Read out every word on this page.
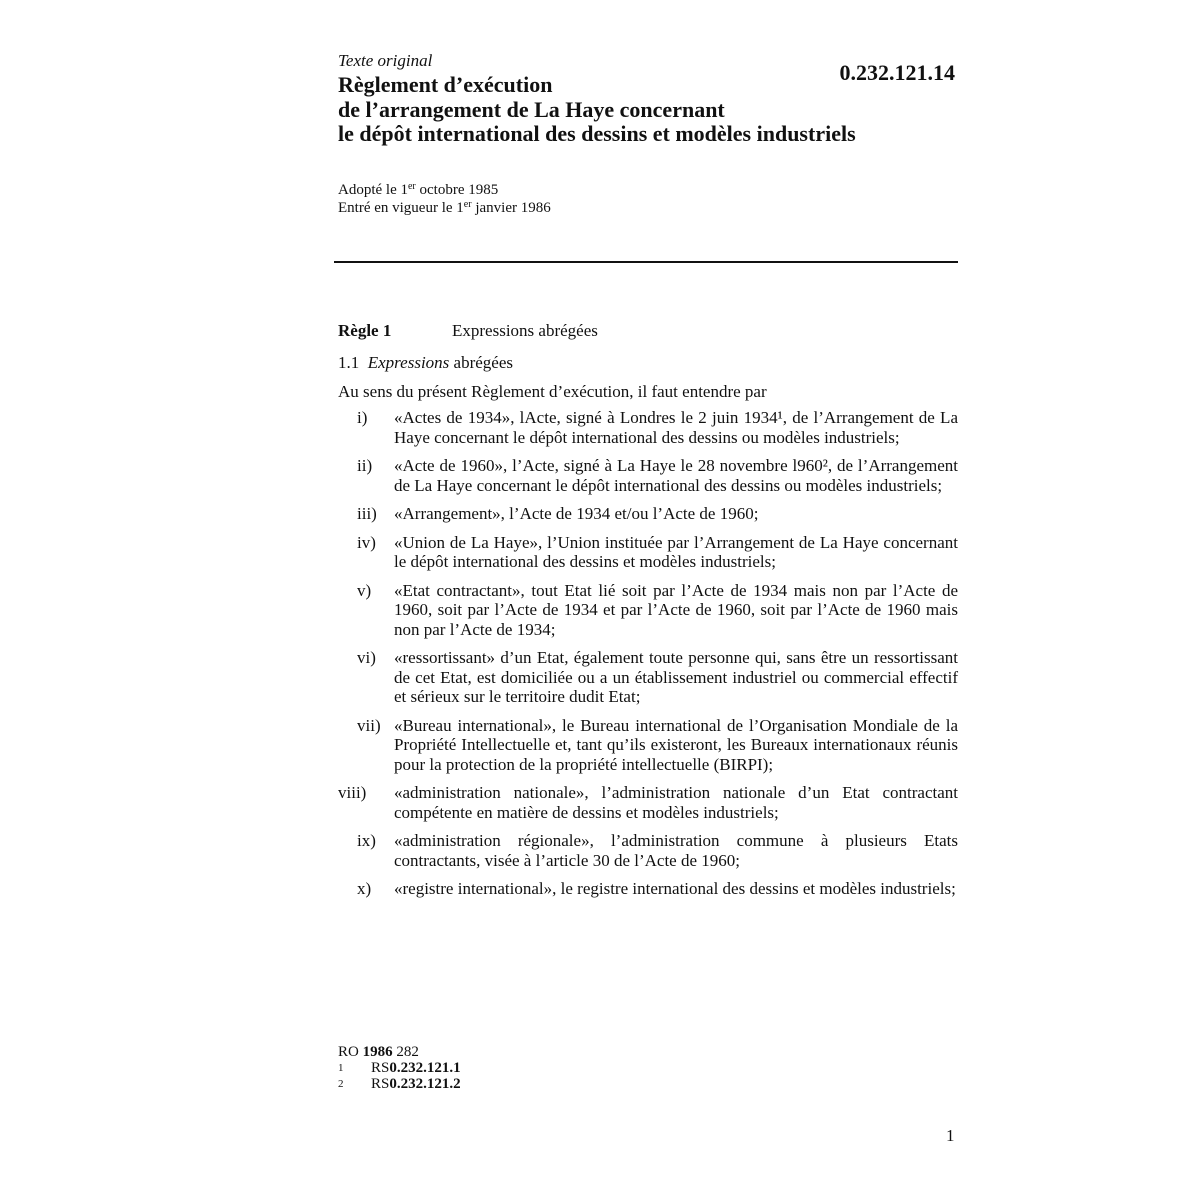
Texte original	0.232.121.14
Règlement d’exécution
de l’arrangement de La Haye concernant
le dépôt international des dessins et modèles industriels
Adopté le 1er octobre 1985
Entré en vigueur le 1er janvier 1986
Règle 1	Expressions abrégées
1.1 Expressions abrégées
Au sens du présent Règlement d’exécution, il faut entendre par
i)	«Actes de 1934», lActe, signé à Londres le 2 juin 1934¹, de l’Arrangement de La Haye concernant le dépôt international des dessins ou modèles industriels;
ii)	«Acte de 1960», l’Acte, signé à La Haye le 28 novembre l960², de l’Arrangement de La Haye concernant le dépôt international des dessins ou modèles industriels;
iii)	«Arrangement», l’Acte de 1934 et/ou l’Acte de 1960;
iv)	«Union de La Haye», l’Union instituée par l’Arrangement de La Haye concernant le dépôt international des dessins et modèles industriels;
v)	«Etat contractant», tout Etat lié soit par l’Acte de 1934 mais non par l’Acte de 1960, soit par l’Acte de 1934 et par l’Acte de 1960, soit par l’Acte de 1960 mais non par l’Acte de 1934;
vi)	«ressortissant» d’un Etat, également toute personne qui, sans être un ressortissant de cet Etat, est domiciliée ou a un établissement industriel ou commercial effectif et sérieux sur le territoire dudit Etat;
vii) «Bureau international», le Bureau international de l’Organisation Mondiale de la Propriété Intellectuelle et, tant qu’ils existeront, les Bureaux internationaux réunis pour la protection de la propriété intellectuelle (BIRPI);
viii)	«administration nationale», l’administration nationale d’un Etat contractant compétente en matière de dessins et modèles industriels;
ix)	«administration régionale», l’administration commune à plusieurs Etats contractants, visée à l’article 30 de l’Acte de 1960;
x)	«registre international», le registre international des dessins et modèles industriels;
RO 1986 282
1	RS 0.232.121.1
2	RS 0.232.121.2
1
